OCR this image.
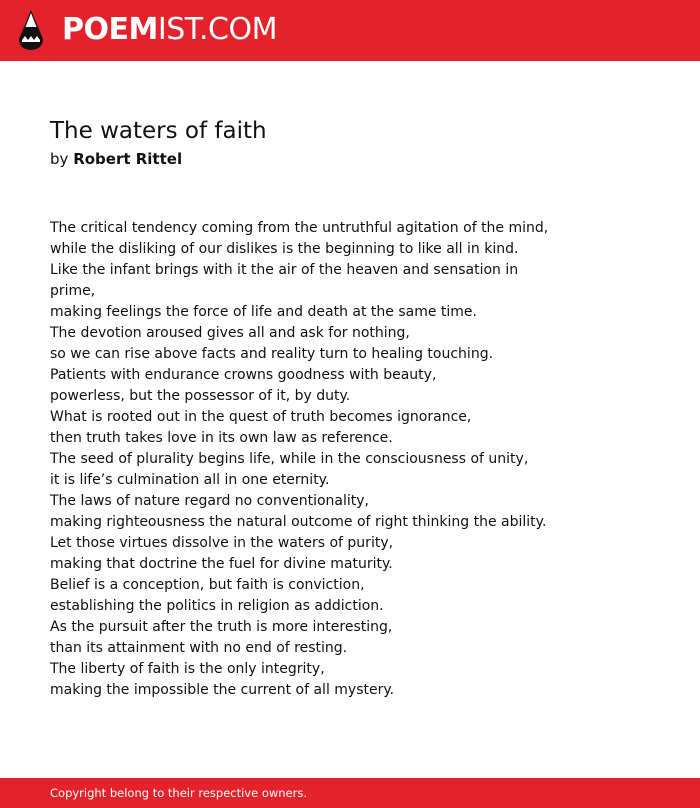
POEMIST.COM
The waters of faith
by Robert Rittel
The critical tendency coming from the untruthful agitation of the mind,
while the disliking of our dislikes is the beginning to like all in kind.
Like the infant brings with it the air of the heaven and sensation in
prime,
making feelings the force of life and death at the same time.
The devotion aroused gives all and ask for nothing,
so we can rise above facts and reality turn to healing touching.
Patients with endurance crowns goodness with beauty,
powerless, but the possessor of it, by duty.
What is rooted out in the quest of truth becomes ignorance,
then truth takes love in its own law as reference.
The seed of plurality begins life, while in the consciousness of unity,
it is life’s culmination all in one eternity.
The laws of nature regard no conventionality,
making righteousness the natural outcome of right thinking the ability.
Let those virtues dissolve in the waters of purity,
making that doctrine the fuel for divine maturity.
Belief is a conception, but faith is conviction,
establishing the politics in religion as addiction.
As the pursuit after the truth is more interesting,
than its attainment with no end of resting.
The liberty of faith is the only integrity,
making the impossible the current of all mystery.
Copyright belong to their respective owners.
